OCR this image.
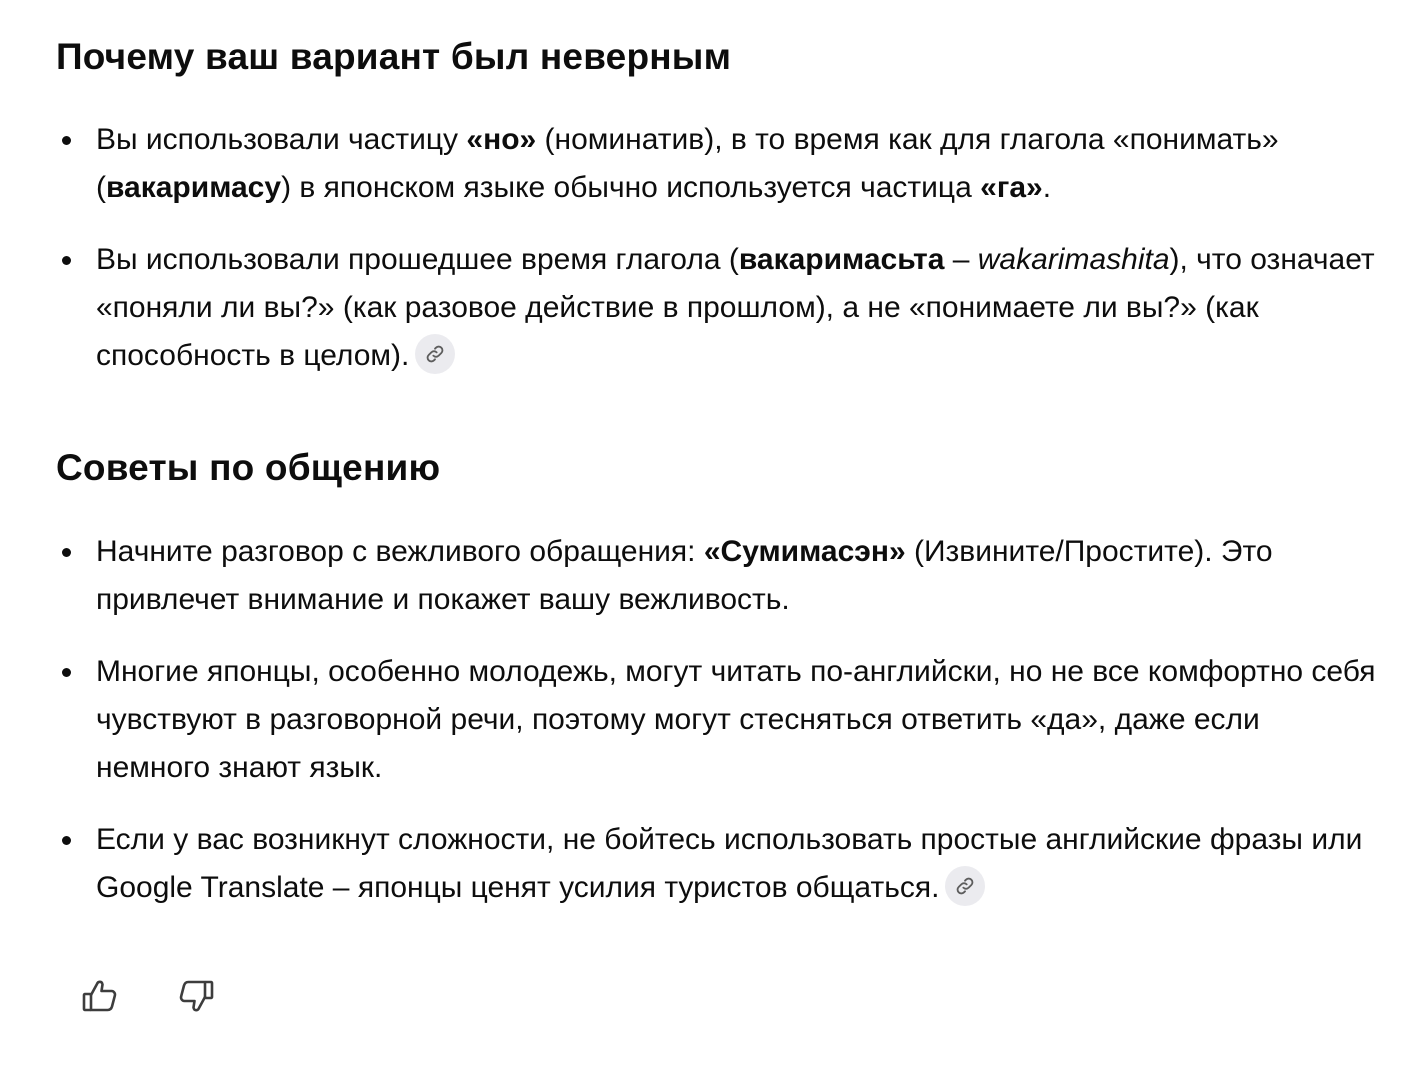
Почему ваш вариант был неверным
Вы использовали частицу «но» (номинатив), в то время как для глагола «понимать» (вакаримасу) в японском языке обычно используется частица «га».
Вы использовали прошедшее время глагола (вакаримасьта – wakarimashita), что означает «поняли ли вы?» (как разовое действие в прошлом), а не «понимаете ли вы?» (как способность в целом).
Советы по общению
Начните разговор с вежливого обращения: «Сумимасэн» (Извините/Простите). Это привлечет внимание и покажет вашу вежливость.
Многие японцы, особенно молодежь, могут читать по-английски, но не все комфортно себя чувствуют в разговорной речи, поэтому могут стесняться ответить «да», даже если немного знают язык.
Если у вас возникнут сложности, не бойтесь использовать простые английские фразы или Google Translate – японцы ценят усилия туристов общаться.
